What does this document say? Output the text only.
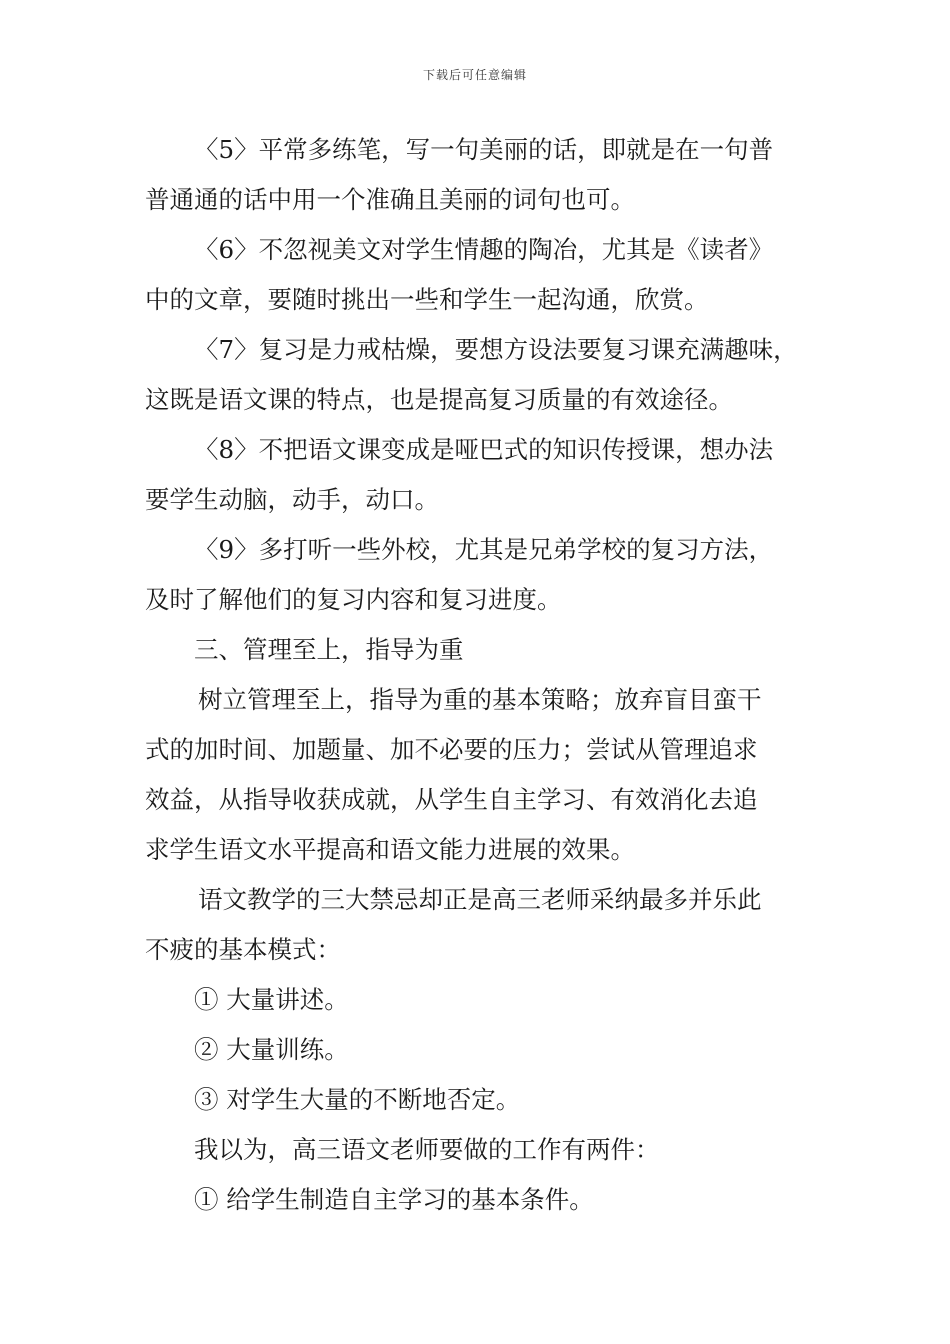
下载后可任意编辑

〈5〉平常多练笔，写一句美丽的话，即就是在一句普

普通通的话中用一个准确且美丽的词句也可。

〈6〉不忽视美文对学生情趣的陶冶，尤其是《读者》

中的文章，要随时挑出一些和学生一起沟通，欣赏。

〈7〉复习是力戒枯燥，要想方设法要复习课充满趣味，

这既是语文课的特点，也是提高复习质量的有效途径。

〈8〉不把语文课变成是哑巴式的知识传授课，想办法

要学生动脑，动手，动口。

〈9〉多打听一些外校，尤其是兄弟学校的复习方法，

及时了解他们的复习内容和复习进度。

三、管理至上，指导为重

树立管理至上，指导为重的基本策略；放弃盲目蛮干

式的加时间、加题量、加不必要的压力；尝试从管理追求

效益，从指导收获成就，从学生自主学习、有效消化去追

求学生语文水平提高和语文能力进展的效果。

语文教学的三大禁忌却正是高三老师采纳最多并乐此

不疲的基本模式：

① 大量讲述。

② 大量训练。

③ 对学生大量的不断地否定。

我以为，高三语文老师要做的工作有两件：

① 给学生制造自主学习的基本条件。
